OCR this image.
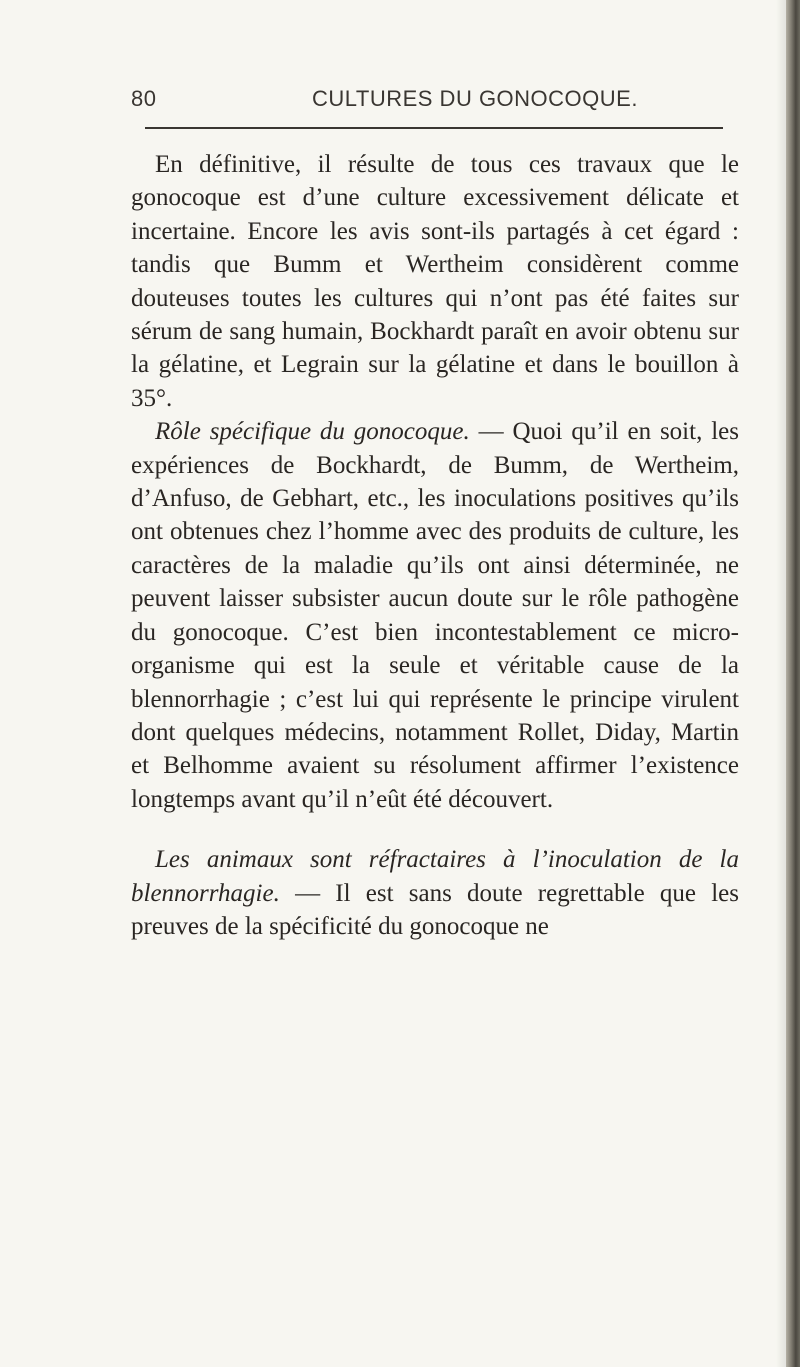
80	CULTURES DU GONOCOQUE.

En définitive, il résulte de tous ces travaux que le gonocoque est d’une culture excessivement délicate et incertaine. Encore les avis sont-ils partagés à cet égard : tandis que Bumm et Wertheim considèrent comme douteuses toutes les cultures qui n’ont pas été faites sur sérum de sang humain, Bockhardt paraît en avoir obtenu sur la gélatine, et Legrain sur la gélatine et dans le bouillon à 35°.

Rôle spécifique du gonocoque. — Quoi qu’il en soit, les expériences de Bockhardt, de Bumm, de Wertheim, d’Anfuso, de Gebhart, etc., les inoculations positives qu’ils ont obtenues chez l’homme avec des produits de culture, les caractères de la maladie qu’ils ont ainsi déterminée, ne peuvent laisser subsister aucun doute sur le rôle pathogène du gonocoque. C’est bien incontestablement ce micro-organisme qui est la seule et véritable cause de la blennorrhagie ; c’est lui qui représente le principe virulent dont quelques médecins, notamment Rollet, Diday, Martin et Belhomme avaient su résolument affirmer l’existence longtemps avant qu’il n’eût été découvert.

Les animaux sont réfractaires à l’inoculation de la blennorrhagie. — Il est sans doute regrettable que les preuves de la spécificité du gonocoque ne
